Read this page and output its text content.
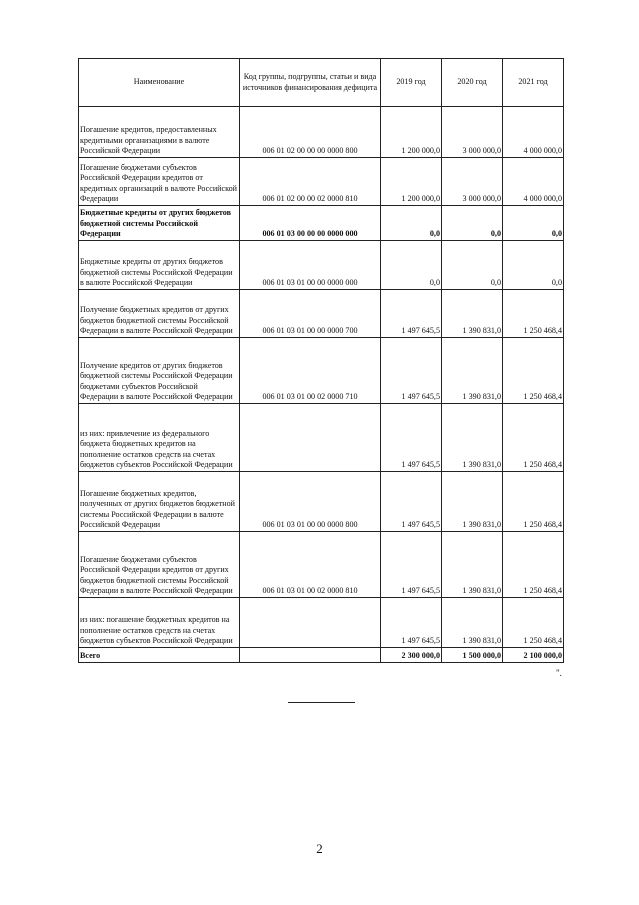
Наименование	Код группы, подгруппы, статьи и вида источников финансирования дефицита	2019 год	2020 год	2021 год
Погашение кредитов, предоставленных кредитными организациями в валюте Российской Федерации	006 01 02 00 00 00 0000 800	1 200 000,0	3 000 000,0	4 000 000,0
Погашение бюджетами субъектов Российской Федерации кредитов от кредитных организаций в валюте Российской Федерации	006 01 02 00 00 02 0000 810	1 200 000,0	3 000 000,0	4 000 000,0
Бюджетные кредиты от других бюджетов бюджетной системы Российской Федерации	006 01 03 00 00 00 0000 000	0,0	0,0	0,0
Бюджетные кредиты от других бюджетов бюджетной системы Российской Федерации в валюте Российской Федерации	006 01 03 01 00 00 0000 000	0,0	0,0	0,0
Получение бюджетных кредитов от других бюджетов бюджетной системы Российской Федерации в валюте Российской Федерации	006 01 03 01 00 00 0000 700	1 497 645,5	1 390 831,0	1 250 468,4
Получение кредитов от других бюджетов бюджетной системы Российской Федерации бюджетами субъектов Российской Федерации в валюте Российской Федерации	006 01 03 01 00 02 0000 710	1 497 645,5	1 390 831,0	1 250 468,4
из них: привлечение из федерального бюджета бюджетных кредитов на пополнение остатков средств на счетах бюджетов субъектов Российской Федерации		1 497 645,5	1 390 831,0	1 250 468,4
Погашение бюджетных кредитов, полученных от других бюджетов бюджетной системы Российской Федерации в валюте Российской Федерации	006 01 03 01 00 00 0000 800	1 497 645,5	1 390 831,0	1 250 468,4
Погашение бюджетами субъектов Российской Федерации кредитов от других бюджетов бюджетной системы Российской Федерации в валюте Российской Федерации	006 01 03 01 00 02 0000 810	1 497 645,5	1 390 831,0	1 250 468,4
из них: погашение бюджетных кредитов на пополнение остатков средств на счетах бюджетов субъектов Российской Федерации		1 497 645,5	1 390 831,0	1 250 468,4
Всего		2 300 000,0	1 500 000,0	2 100 000,0
".
2
